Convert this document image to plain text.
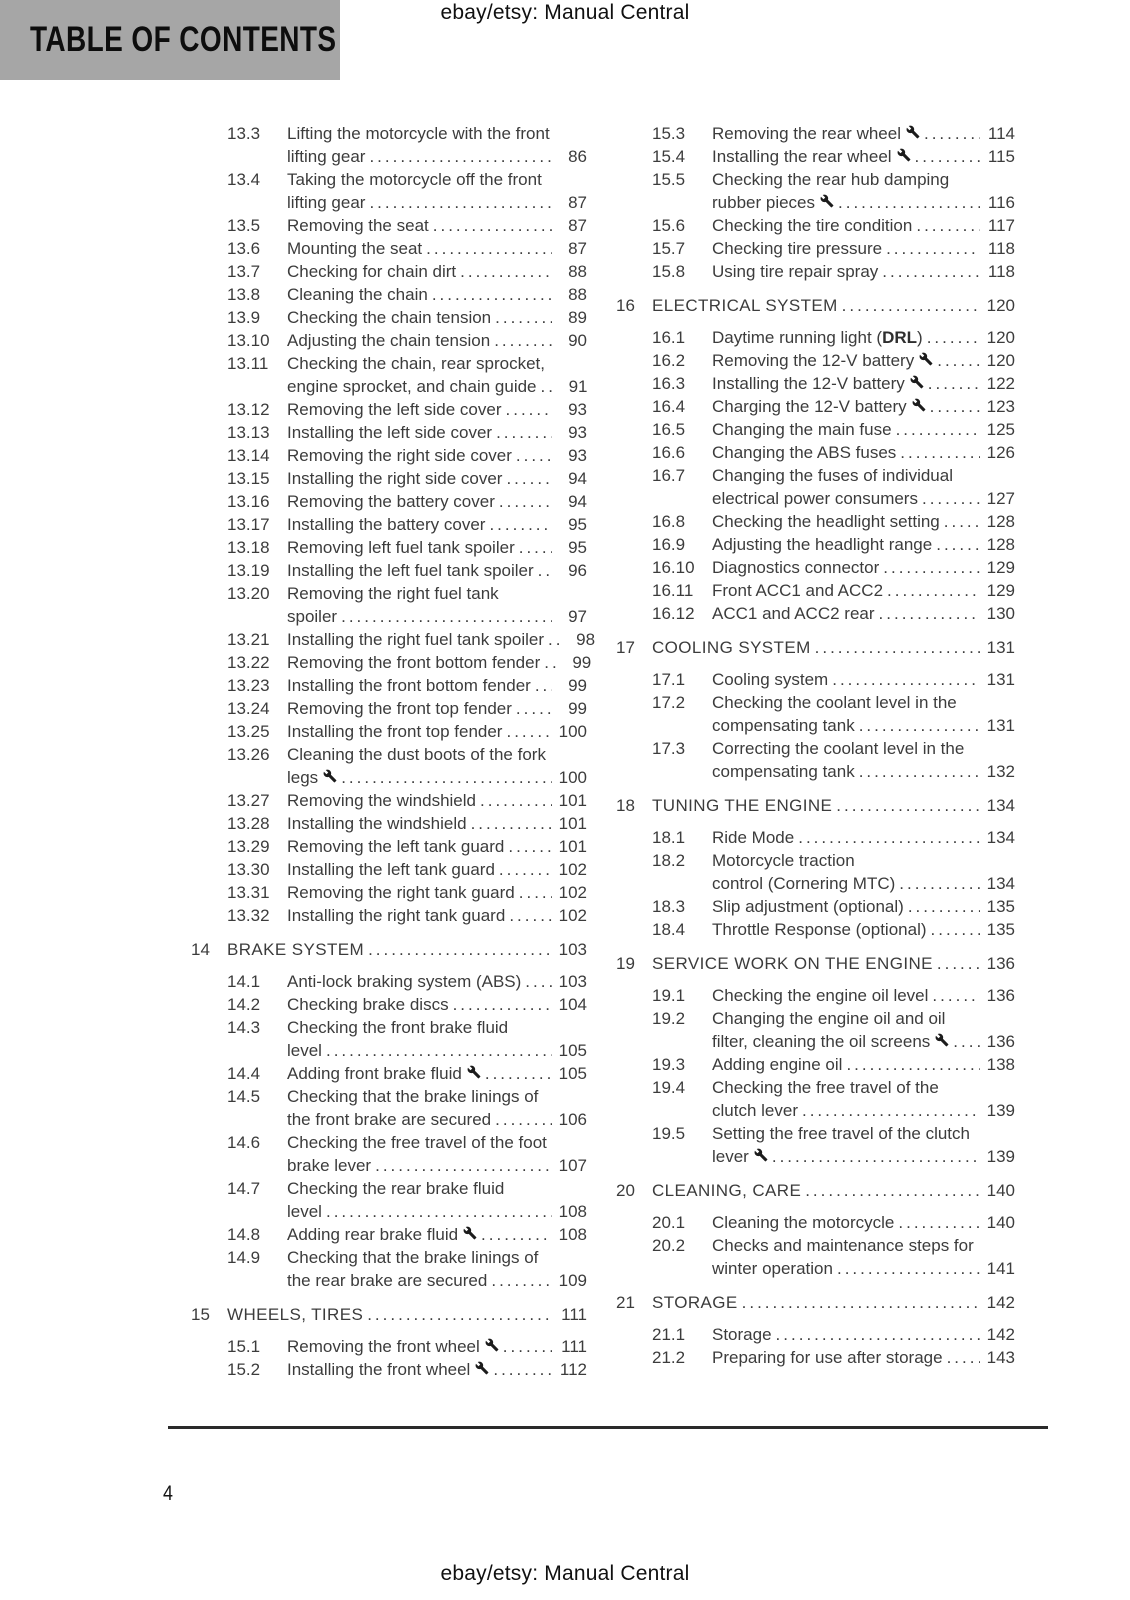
ebay/etsy: Manual Central
TABLE OF CONTENTS
13.3	Lifting the motorcycle with the front
lifting gear .....	86
13.4	Taking the motorcycle off the front
lifting gear .....	87
13.5	Removing the seat .....	87
13.6	Mounting the seat .....	87
13.7	Checking for chain dirt .....	88
13.8	Cleaning the chain .....	88
13.9	Checking the chain tension .....	89
13.10	Adjusting the chain tension .....	90
13.11	Checking the chain, rear sprocket,
engine sprocket, and chain guide .....	91
13.12	Removing the left side cover .....	93
13.13	Installing the left side cover .....	93
13.14	Removing the right side cover .....	93
13.15	Installing the right side cover .....	94
13.16	Removing the battery cover .....	94
13.17	Installing the battery cover .....	95
13.18	Removing left fuel tank spoiler .....	95
13.19	Installing the left fuel tank spoiler .....	96
13.20	Removing the right fuel tank
spoiler .....	97
13.21	Installing the right fuel tank spoiler .....	98
13.22	Removing the front bottom fender .....	99
13.23	Installing the front bottom fender .....	99
13.24	Removing the front top fender .....	99
13.25	Installing the front top fender .....	100
13.26	Cleaning the dust boots of the fork
legs .....	100
13.27	Removing the windshield .....	101
13.28	Installing the windshield .....	101
13.29	Removing the left tank guard .....	101
13.30	Installing the left tank guard .....	102
13.31	Removing the right tank guard .....	102
13.32	Installing the right tank guard .....	102
14	BRAKE SYSTEM .....	103
14.1	Anti-lock braking system (ABS) ..... 103
14.2	Checking brake discs .....	104
14.3	Checking the front brake fluid
level .....	105
14.4	Adding front brake fluid .....	105
14.5	Checking that the brake linings of
the front brake are secured .....	106
14.6	Checking the free travel of the foot
brake lever .....	107
14.7	Checking the rear brake fluid
level .....	108
14.8	Adding rear brake fluid .....	108
14.9	Checking that the brake linings of
the rear brake are secured .....	109
15	WHEELS, TIRES .....	111
15.1	Removing the front wheel .....	111
15.2	Installing the front wheel .....	112
15.3	Removing the rear wheel .....	114
15.4	Installing the rear wheel .....	115
15.5	Checking the rear hub damping
rubber pieces .....	116
15.6	Checking the tire condition .....	117
15.7	Checking tire pressure .....	118
15.8	Using tire repair spray .....	118
16	ELECTRICAL SYSTEM .....	120
16.1	Daytime running light (DRL) .....	120
16.2	Removing the 12-V battery .....	120
16.3	Installing the 12-V battery .....	122
16.4	Charging the 12-V battery .....	123
16.5	Changing the main fuse .....	125
16.6	Changing the ABS fuses .....	126
16.7	Changing the fuses of individual
electrical power consumers .....	127
16.8	Checking the headlight setting .....	128
16.9	Adjusting the headlight range .....	128
16.10	Diagnostics connector .....	129
16.11	Front ACC1 and ACC2 .....	129
16.12	ACC1 and ACC2 rear .....	130
17	COOLING SYSTEM .....	131
17.1	Cooling system .....	131
17.2	Checking the coolant level in the
compensating tank .....	131
17.3	Correcting the coolant level in the
compensating tank .....	132
18	TUNING THE ENGINE .....	134
18.1	Ride Mode .....	134
18.2	Motorcycle traction
control (Cornering MTC) .....	134
18.3	Slip adjustment (optional) .....	135
18.4	Throttle Response (optional) .....	135
19	SERVICE WORK ON THE ENGINE .....	136
19.1	Checking the engine oil level .....	136
19.2	Changing the engine oil and oil
filter, cleaning the oil screens .....	136
19.3	Adding engine oil .....	138
19.4	Checking the free travel of the
clutch lever .....	139
19.5	Setting the free travel of the clutch
lever .....	139
20	CLEANING, CARE .....	140
20.1	Cleaning the motorcycle .....	140
20.2	Checks and maintenance steps for
winter operation .....	141
21	STORAGE .....	142
21.1	Storage .....	142
21.2	Preparing for use after storage .....	143
4
ebay/etsy: Manual Central
